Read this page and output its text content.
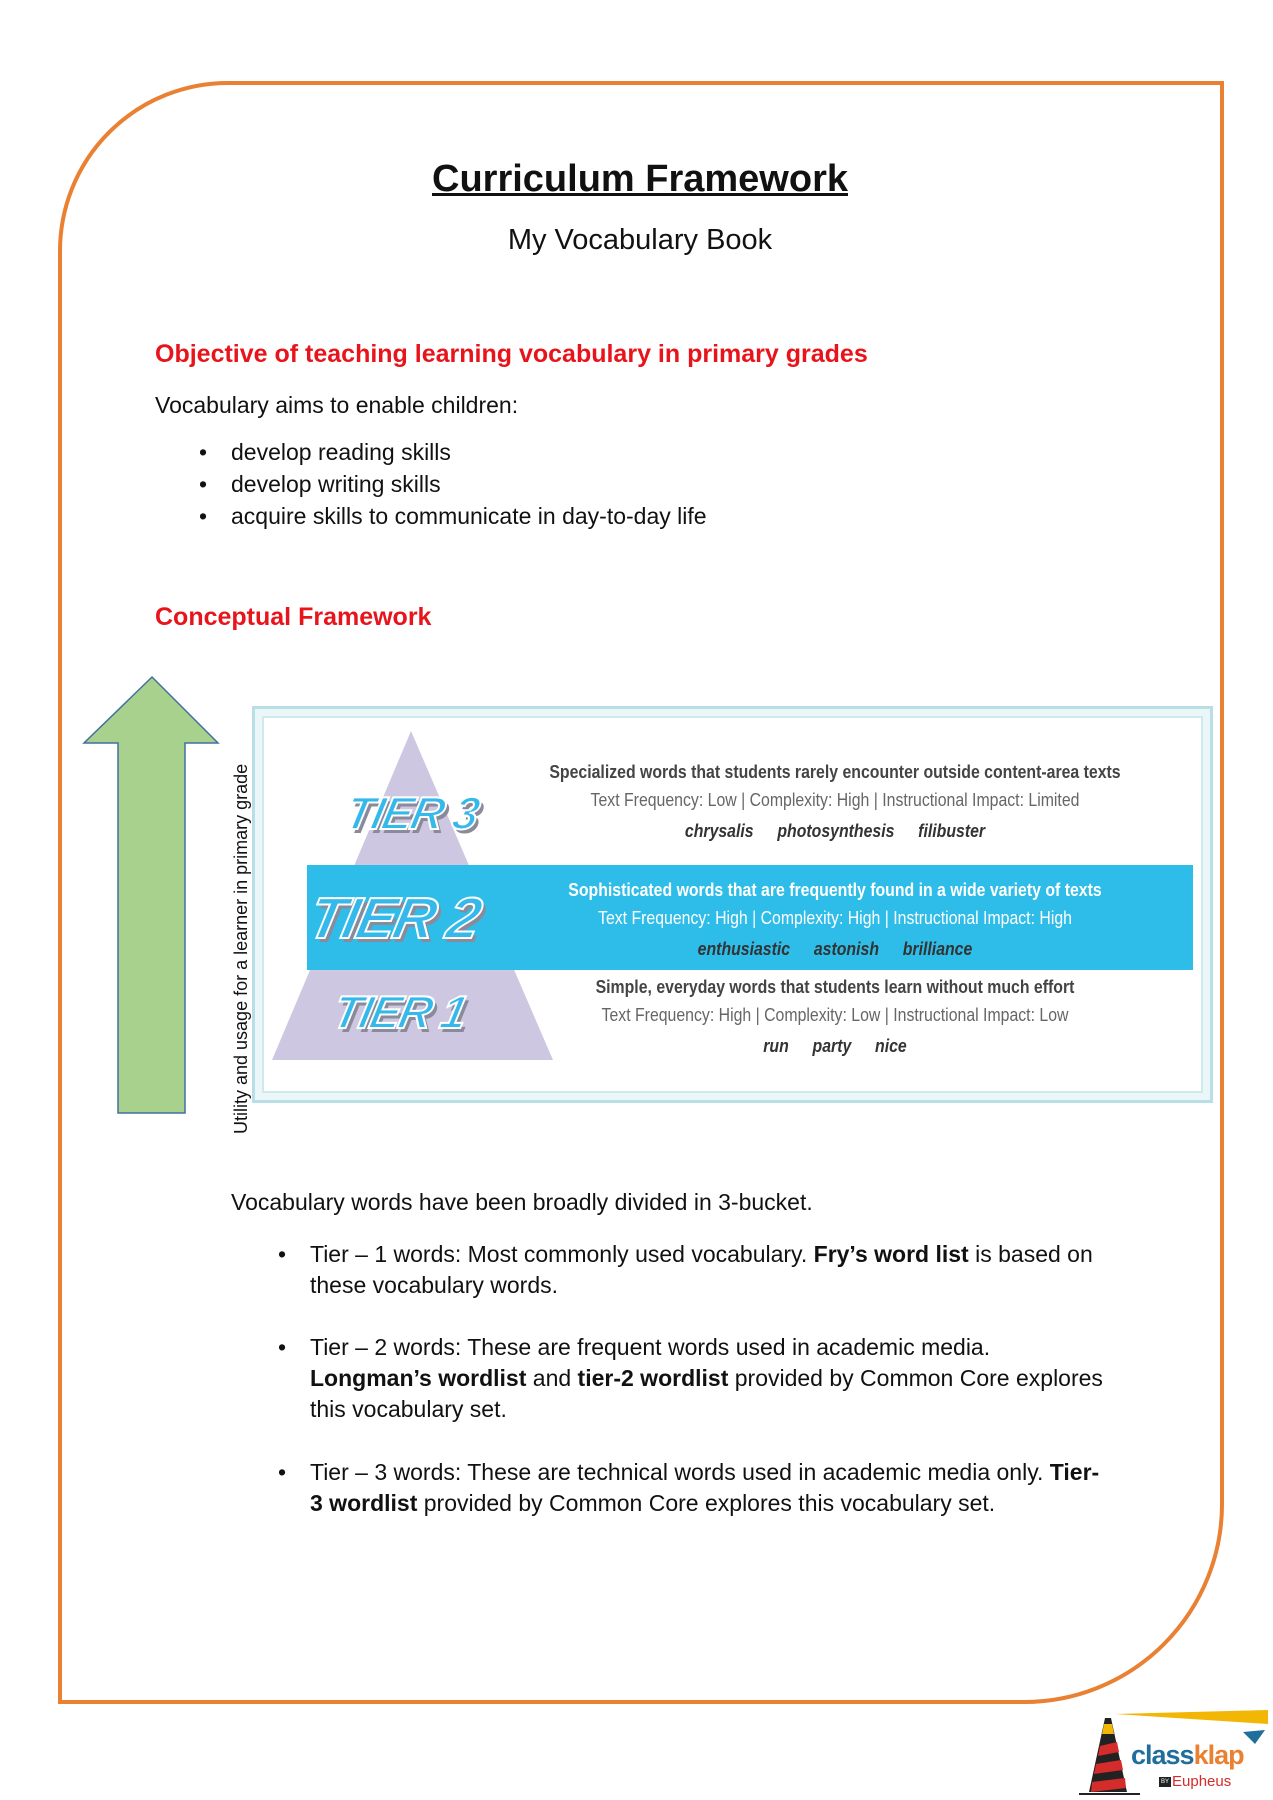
Curriculum Framework
My Vocabulary Book
Objective of teaching learning vocabulary in primary grades
Vocabulary aims to enable children:
• develop reading skills
• develop writing skills
• acquire skills to communicate in day-to-day life
Conceptual Framework
Utility and usage for a learner in primary grade TIER 3
TIER 2
TIER 1
Specialized words that students rarely encounter outside content-area texts
Text Frequency: Low | Complexity: High | Instructional Impact: Limited
chrysalis photosynthesis filibuster
Sophisticated words that are frequently found in a wide variety of texts
Text Frequency: High | Complexity: High | Instructional Impact: High
enthusiastic astonish brilliance
Simple, everyday words that students learn without much effort
Text Frequency: High | Complexity: Low | Instructional Impact: Low
run party nice
Vocabulary words have been broadly divided in 3-bucket.
• Tier – 1 words: Most commonly used vocabulary. Fry’s word list is based on these vocabulary words.
• Tier – 2 words: These are frequent words used in academic media. Longman’s wordlist and tier-2 wordlist provided by Common Core explores this vocabulary set.
• Tier – 3 words: These are technical words used in academic media only. Tier-3 wordlist provided by Common Core explores this vocabulary set.
classklap
BY Eupheus
